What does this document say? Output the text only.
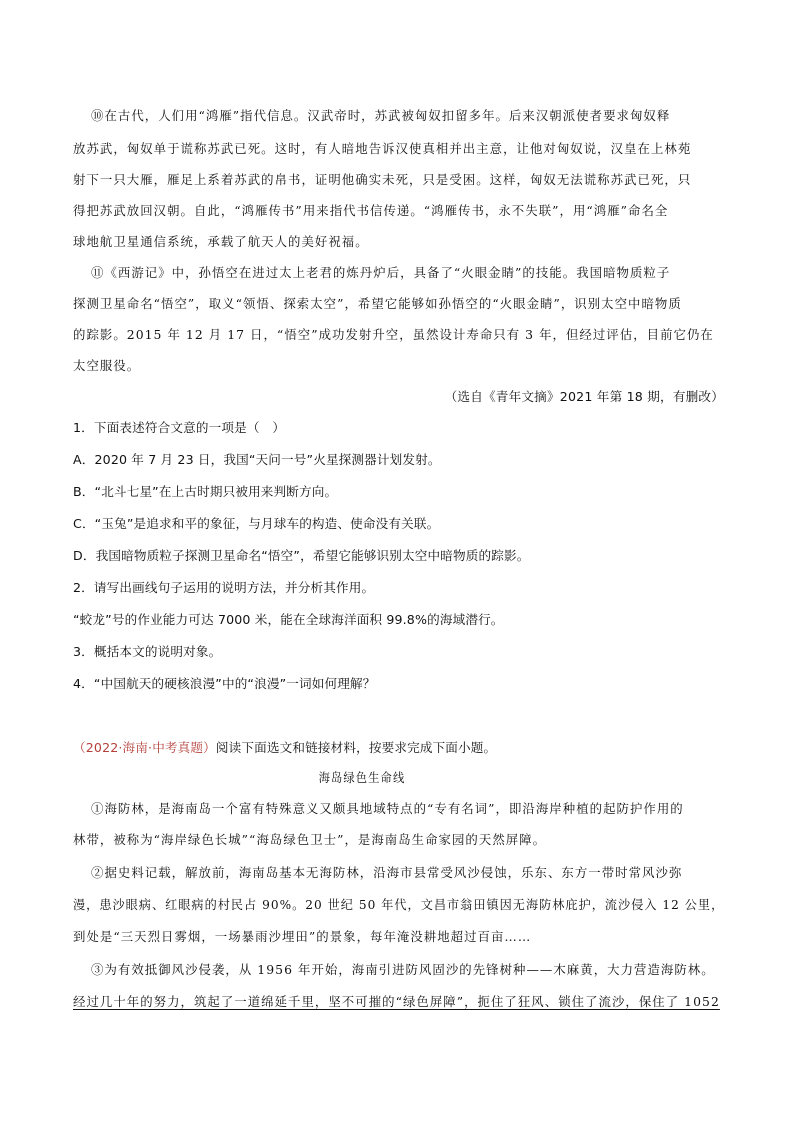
⑩在古代，人们用“鸿雁”指代信息。汉武帝时，苏武被匈奴扣留多年。后来汉朝派使者要求匈奴释
放苏武，匈奴单于谎称苏武已死。这时，有人暗地告诉汉使真相并出主意，让他对匈奴说，汉皇在上林苑
射下一只大雁，雁足上系着苏武的帛书，证明他确实未死，只是受困。这样，匈奴无法谎称苏武已死，只
得把苏武放回汉朝。自此，“鸿雁传书”用来指代书信传递。“鸿雁传书，永不失联”，用“鸿雁”命名全
球地航卫星通信系统，承载了航天人的美好祝福。
⑪《西游记》中，孙悟空在进过太上老君的炼丹炉后，具备了“火眼金睛”的技能。我国暗物质粒子
探测卫星命名“悟空”，取义“领悟、探索太空”，希望它能够如孙悟空的“火眼金睛”，识别太空中暗物质
的踪影。2015 年 12 月 17 日，“悟空”成功发射升空，虽然设计寿命只有 3 年，但经过评估，目前它仍在
太空服役。
（选自《青年文摘》2021 年第 18 期，有删改）
1．下面表述符合文意的一项是（　）
A．2020 年 7 月 23 日，我国“天问一号”火星探测器计划发射。
B．“北斗七星”在上古时期只被用来判断方向。
C．“玉兔”是追求和平的象征，与月球车的构造、使命没有关联。
D．我国暗物质粒子探测卫星命名“悟空”，希望它能够识别太空中暗物质的踪影。
2．请写出画线句子运用的说明方法，并分析其作用。
“蛟龙”号的作业能力可达 7000 米，能在全球海洋面积 99.8%的海域潜行。
3．概括本文的说明对象。
4．“中国航天的硬核浪漫”中的“浪漫”一词如何理解？
（2022·海南·中考真题）阅读下面选文和链接材料，按要求完成下面小题。
海岛绿色生命线
①海防林，是海南岛一个富有特殊意义又颇具地域特点的“专有名词”，即沿海岸种植的起防护作用的
林带，被称为“海岸绿色长城”“海岛绿色卫士”，是海南岛生命家园的天然屏障。
②据史料记载，解放前，海南岛基本无海防林，沿海市县常受风沙侵蚀，乐东、东方一带时常风沙弥
漫，患沙眼病、红眼病的村民占 90%。20 世纪 50 年代，文昌市翁田镇因无海防林庇护，流沙侵入 12 公里，
到处是“三天烈日雾烟，一场暴雨沙埋田”的景象，每年淹没耕地超过百亩……
③为有效抵御风沙侵袭，从 1956 年开始，海南引进防风固沙的先锋树种——木麻黄，大力营造海防林。
经过几十年的努力，筑起了一道绵延千里，坚不可摧的“绿色屏障”，扼住了狂风、锁住了流沙，保住了 1052
